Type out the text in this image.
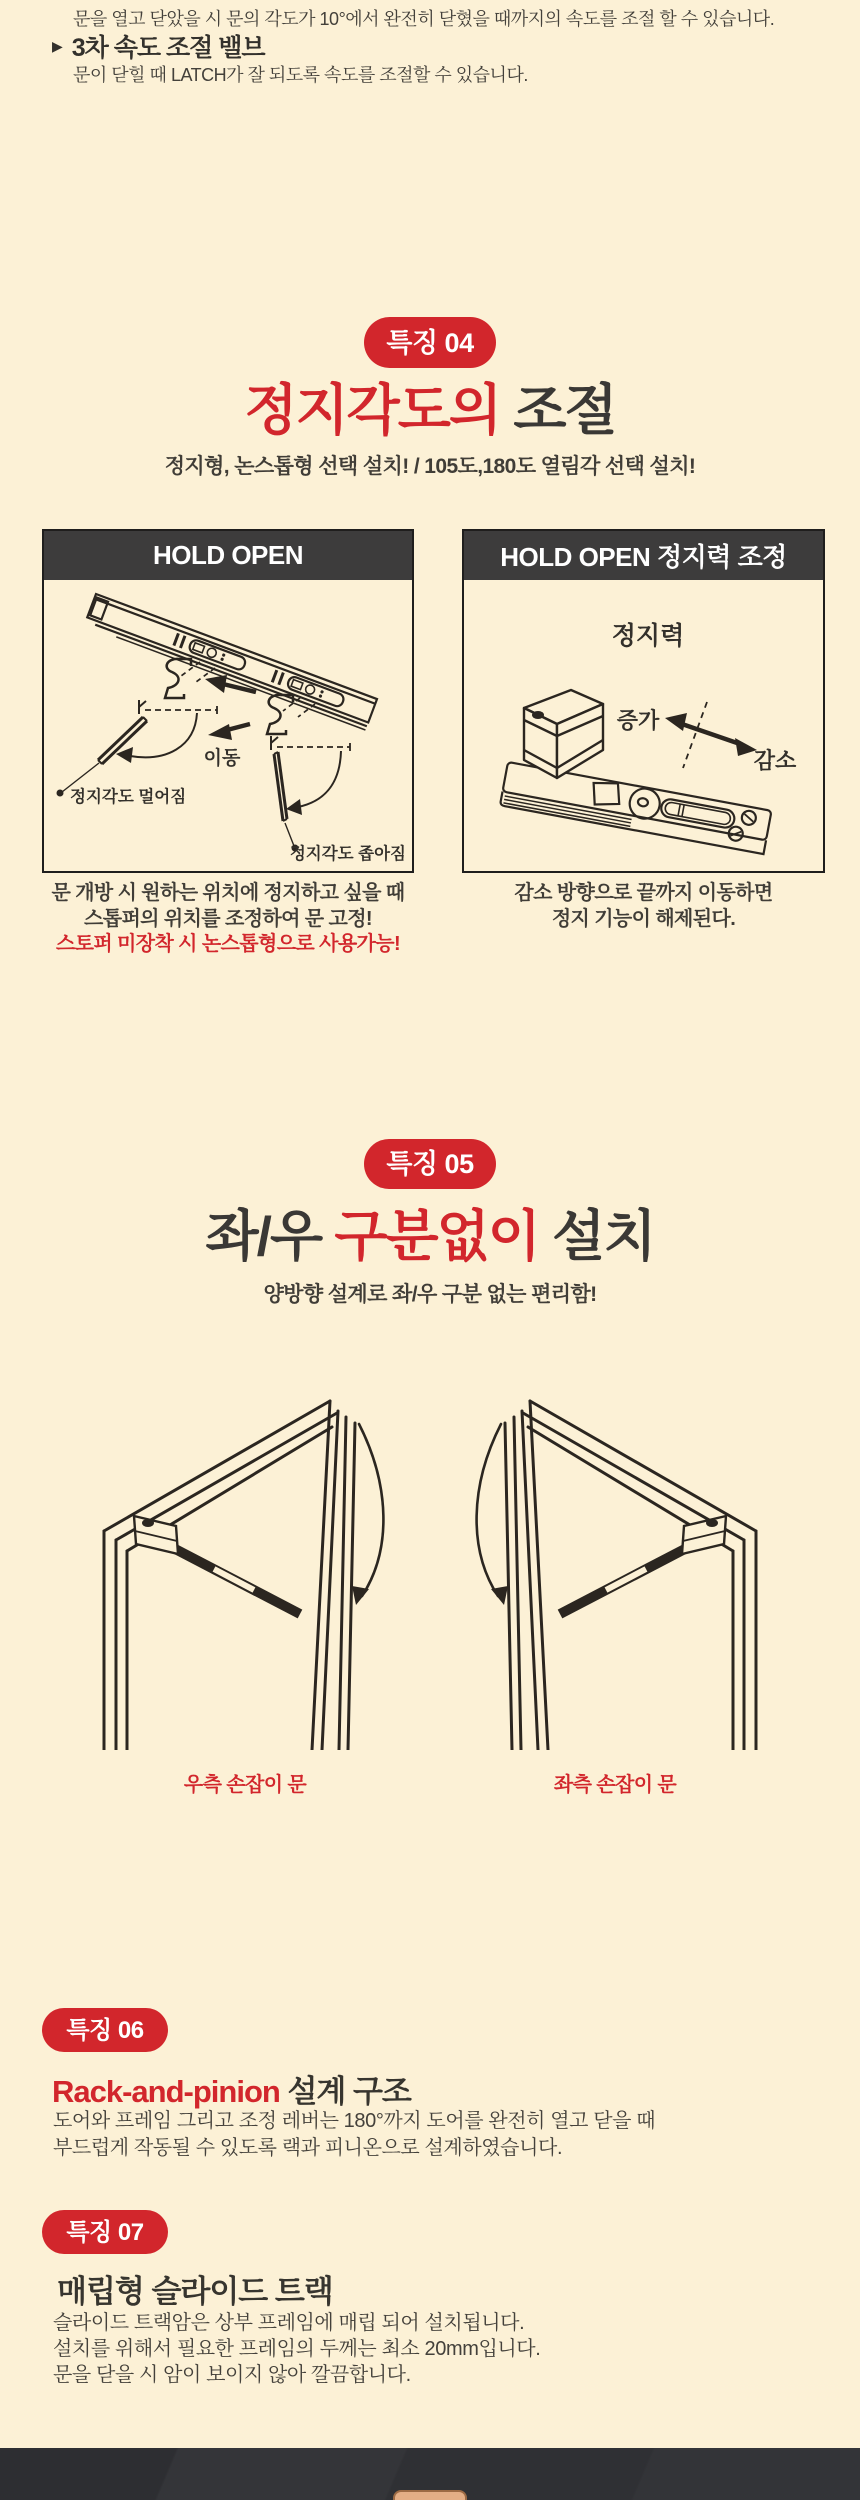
문을 열고 닫았을 시 문의 각도가 10°에서 완전히 닫혔을 때까지의 속도를 조절 할 수 있습니다.
▶ 3차 속도 조절 밸브
문이 닫힐 때 LATCH가 잘 되도록 속도를 조절할 수 있습니다.
특징 04
정지각도의 조절
정지형, 논스톱형 선택 설치! / 105도,180도 열림각 선택 설치!
HOLD OPEN
이동
정지각도 멀어짐
정지각도 좁아짐
HOLD OPEN 정지력 조정
정지력
증가
감소
문 개방 시 원하는 위치에 정지하고 싶을 때
스톱퍼의 위치를 조정하여 문 고정!
스토퍼 미장착 시 논스톱형으로 사용가능!
감소 방향으로 끝까지 이동하면
정지 기능이 해제된다.
특징 05
좌/우 구분없이 설치
양방향 설계로 좌/우 구분 없는 편리함!
우측 손잡이 문	좌측 손잡이 문
특징 06
Rack-and-pinion 설계 구조
도어와 프레임 그리고 조정 레버는 180°까지 도어를 완전히 열고 닫을 때
부드럽게 작동될 수 있도록 랙과 피니온으로 설계하였습니다.
특징 07
매립형 슬라이드 트랙
슬라이드 트랙암은 상부 프레임에 매립 되어 설치됩니다.
설치를 위해서 필요한 프레임의 두께는 최소 20mm입니다.
문을 닫을 시 암이 보이지 않아 깔끔합니다.
